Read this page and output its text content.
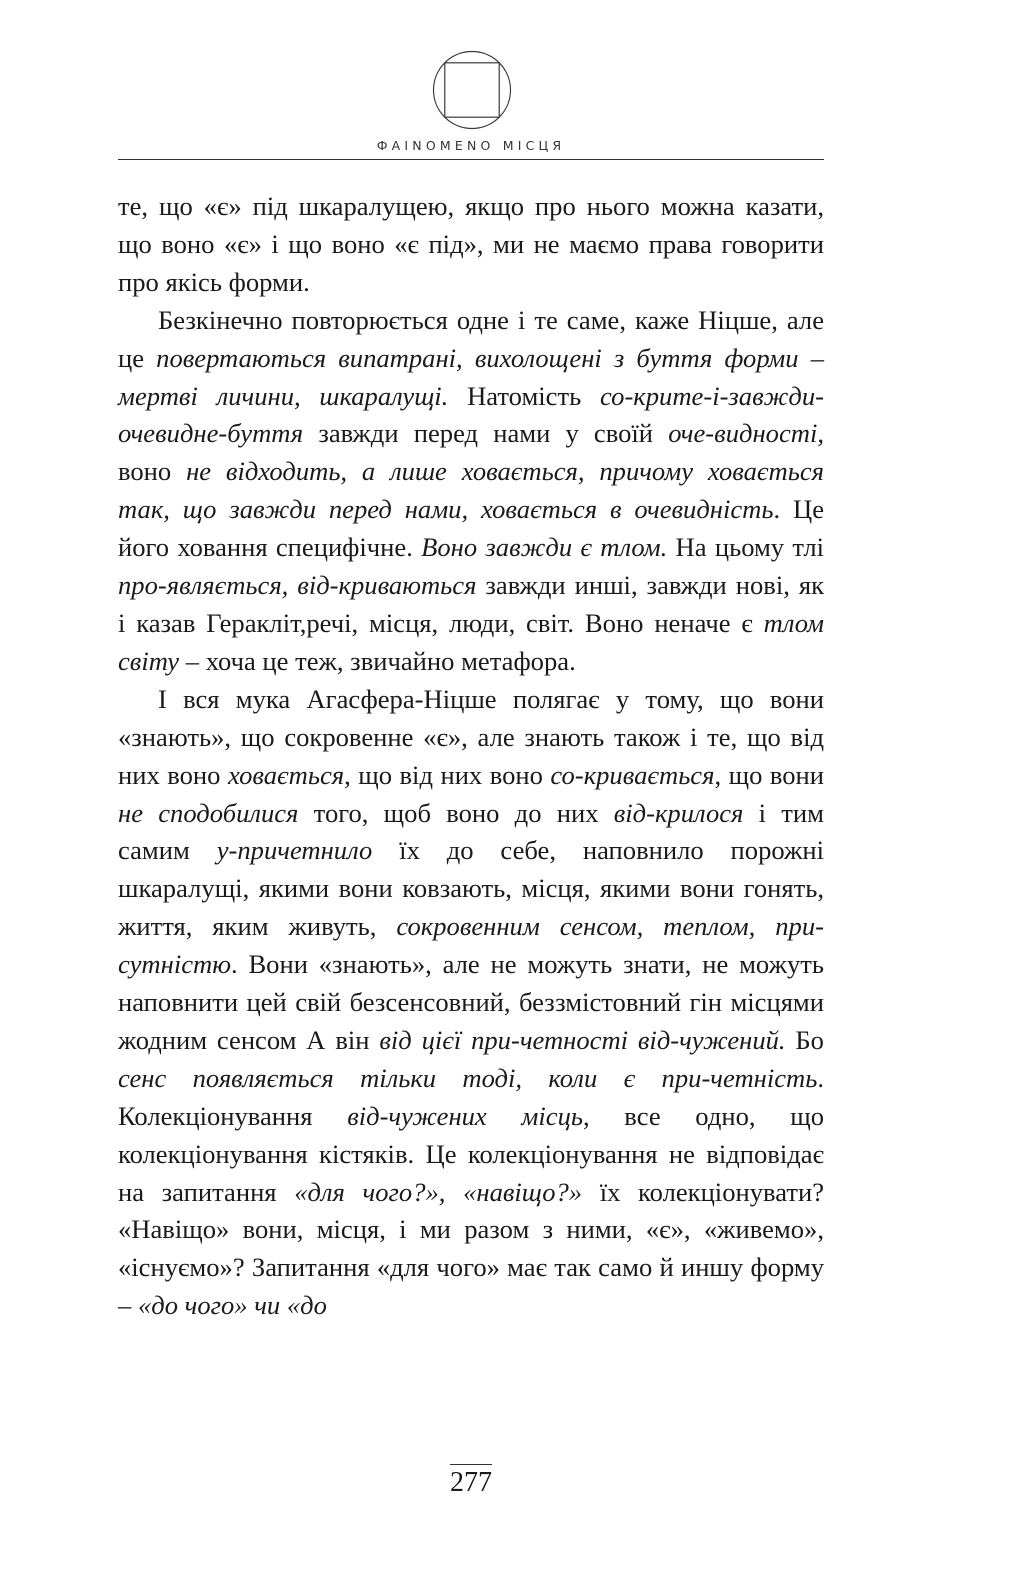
ФAINOMENO МІСЦЯ

те, що «є» під шкаралущею, якщо про нього можна казати, що воно «є» і що воно «є під», ми не маємо права говорити про якісь форми.

Безкінечно повторюється одне і те саме, каже Ніцше, але це повертаються випатрані, вихолощені з буття форми – мертві личини, шкаралущі. Натомість со-крите-і-завжди-очевидне-буття завжди перед нами у своїй оче-видності, воно не відходить, а лише ховається, причому ховається так, що завжди перед нами, ховається в очевидність. Це його ховання специфічне. Воно завжди є тлом. На цьому тлі про-являється, від-криваються завжди инші, завжди нові, як і казав Геракліт,речі, місця, люди, світ. Воно неначе є тлом світу – хоча це теж, звичайно метафора.

І вся мука Агасфера-Ніцше полягає у тому, що вони «знають», що сокровенне «є», але знають також і те, що від них воно ховається, що від них воно со-кривається, що вони не сподобилися того, щоб воно до них від-крилося і тим самим у-причетнило їх до себе, наповнило порожні шкаралущі, якими вони ковзають, місця, якими вони гонять, життя, яким живуть, сокровенним сенсом, теплом, при-сутністю. Вони «знають», але не можуть знати, не можуть наповнити цей свій безсенсовний, беззмістовний гін місцями жодним сенсом А він від цієї при-четності від-чужений. Бо сенс появляється тільки тоді, коли є при-четність. Колекціонування від-чужених місць, все одно, що колекціонування кістяків. Це колекціонування не відповідає на запитання «для чого?», «навіщо?» їх колекціонувати? «Навіщо» вони, місця, і ми разом з ними, «є», «живемо», «існуємо»? Запитання «для чого» має так само й иншу форму – «до чого» чи «до

277
